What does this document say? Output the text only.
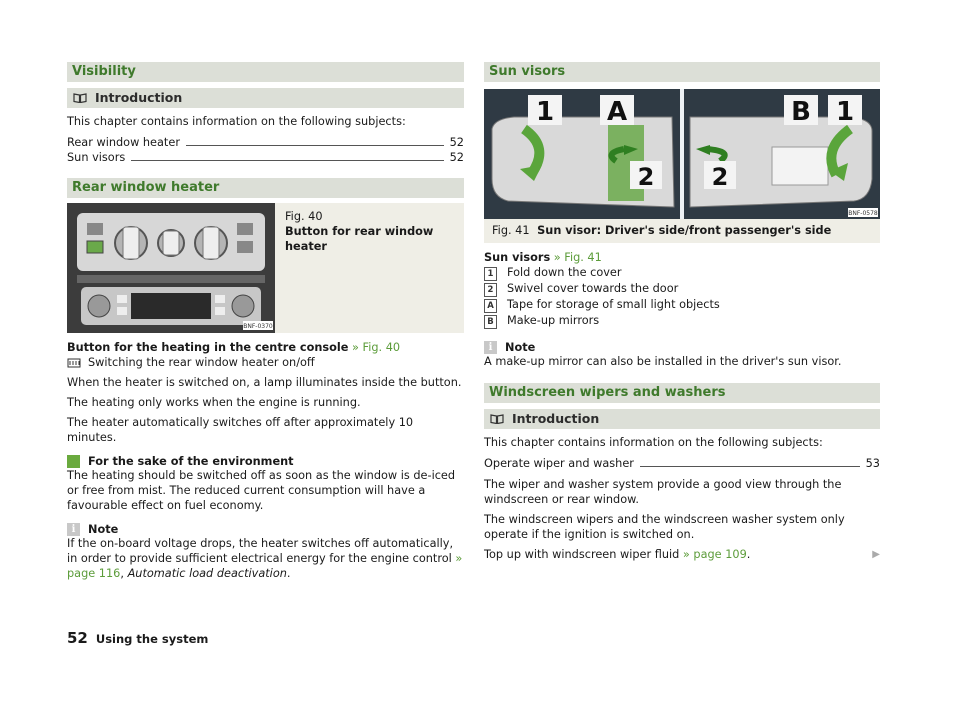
Visibility
Introduction

This chapter contains information on the following subjects:

Rear window heater	52
Sun visors	52
Rear window heater
BNF-0370

Fig. 40

Button for rear window heater

Button for the heating in the centre console » Fig. 40

Switching the rear window heater on/off

When the heater is switched on, a lamp illuminates inside the button.

The heating only works when the engine is running.

The heater automatically switches off after approximately 10 minutes.

For the sake of the environment

The heating should be switched off as soon as the window is de-iced or free from mist. The reduced current consumption will have a favourable effect on fuel economy.

i	Note

If the on-board voltage drops, the heater switches off automatically, in order to provide sufficient electrical energy for the engine control » page 116, Automatic load deactivation.

Sun visors
1 A
2 2
B 1
BNF-0578
Fig. 41 Sun visor: Driver's side/front passenger's side

Sun visors » Fig. 41

1	Fold down the cover
2	Swivel cover towards the door
A Tape for storage of small light objects
B Make-up mirrors
i	Note

A make-up mirror can also be installed in the driver's sun visor.

Windscreen wipers and washers
Introduction

This chapter contains information on the following subjects:

Operate wiper and washer	53

The wiper and washer system provide a good view through the windscreen or rear window.

The windscreen wipers and the windscreen washer system only operate if the ignition is switched on.

Top up with windscreen wiper fluid » page 109.	▶
52 Using the system
